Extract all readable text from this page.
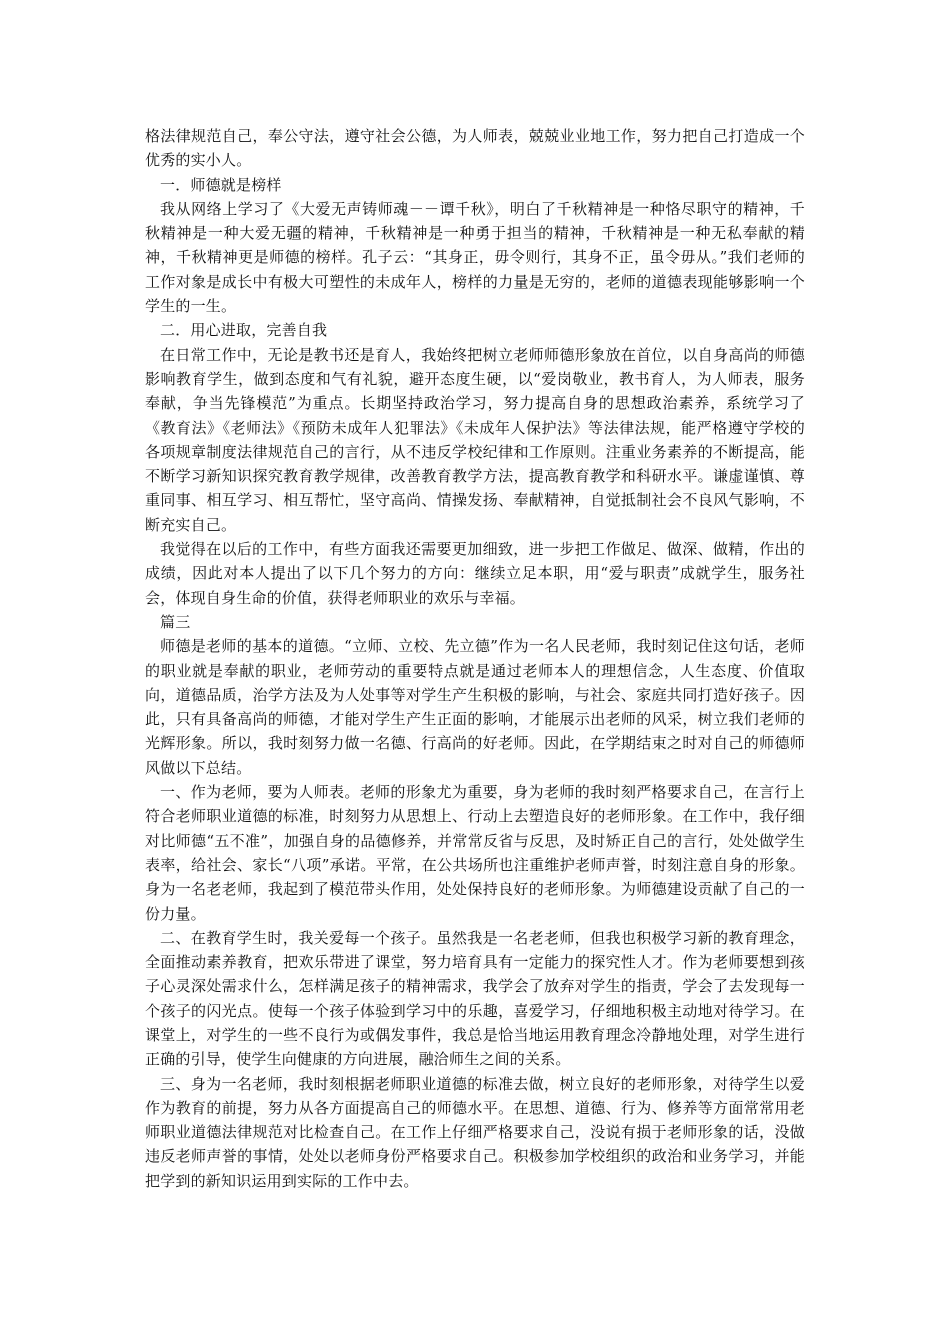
格法律规范自己，奉公守法，遵守社会公德，为人师表，兢兢业业地工作，努力把自己打造成一个优秀的实小人。

一．师德就是榜样

我从网络上学习了《大爱无声铸师魂－－谭千秋》，明白了千秋精神是一种恪尽职守的精神，千秋精神是一种大爱无疆的精神，千秋精神是一种勇于担当的精神，千秋精神是一种无私奉献的精神，千秋精神更是师德的榜样。孔子云：“其身正，毋令则行，其身不正，虽令毋从。”我们老师的工作对象是成长中有极大可塑性的未成年人，榜样的力量是无穷的，老师的道德表现能够影响一个学生的一生。

二．用心进取，完善自我

在日常工作中，无论是教书还是育人，我始终把树立老师师德形象放在首位，以自身高尚的师德影响教育学生，做到态度和气有礼貌，避开态度生硬，以“爱岗敬业，教书育人，为人师表，服务奉献，争当先锋模范”为重点。长期坚持政治学习，努力提高自身的思想政治素养，系统学习了《教育法》《老师法》《预防未成年人犯罪法》《未成年人保护法》等法律法规，能严格遵守学校的各项规章制度法律规范自己的言行，从不违反学校纪律和工作原则。注重业务素养的不断提高，能不断学习新知识探究教育教学规律，改善教育教学方法，提高教育教学和科研水平。谦虚谨慎、尊重同事、相互学习、相互帮忙，坚守高尚、情操发扬、奉献精神，自觉抵制社会不良风气影响，不断充实自己。

我觉得在以后的工作中，有些方面我还需要更加细致，进一步把工作做足、做深、做精，作出的成绩，因此对本人提出了以下几个努力的方向：继续立足本职，用“爱与职责”成就学生，服务社会，体现自身生命的价值，获得老师职业的欢乐与幸福。

篇三

师德是老师的基本的道德。“立师、立校、先立德”作为一名人民老师，我时刻记住这句话，老师的职业就是奉献的职业，老师劳动的重要特点就是通过老师本人的理想信念，人生态度、价值取向，道德品质，治学方法及为人处事等对学生产生积极的影响，与社会、家庭共同打造好孩子。因此，只有具备高尚的师德，才能对学生产生正面的影响，才能展示出老师的风采，树立我们老师的光辉形象。所以，我时刻努力做一名德、行高尚的好老师。因此，在学期结束之时对自己的师德师风做以下总结。

一、作为老师，要为人师表。老师的形象尤为重要，身为老师的我时刻严格要求自己，在言行上符合老师职业道德的标准，时刻努力从思想上、行动上去塑造良好的老师形象。在工作中，我仔细对比师德“五不准”，加强自身的品德修养，并常常反省与反思，及时矫正自己的言行，处处做学生表率，给社会、家长“八项”承诺。平常，在公共场所也注重维护老师声誉，时刻注意自身的形象。身为一名老老师，我起到了模范带头作用，处处保持良好的老师形象。为师德建设贡献了自己的一份力量。

二、在教育学生时，我关爱每一个孩子。虽然我是一名老老师，但我也积极学习新的教育理念，全面推动素养教育，把欢乐带进了课堂，努力培育具有一定能力的探究性人才。作为老师要想到孩子心灵深处需求什么，怎样满足孩子的精神需求，我学会了放弃对学生的指责，学会了去发现每一个孩子的闪光点。使每一个孩子体验到学习中的乐趣，喜爱学习，仔细地积极主动地对待学习。在课堂上，对学生的一些不良行为或偶发事件，我总是恰当地运用教育理念冷静地处理，对学生进行正确的引导，使学生向健康的方向进展，融洽师生之间的关系。

三、身为一名老师，我时刻根据老师职业道德的标准去做，树立良好的老师形象，对待学生以爱作为教育的前提，努力从各方面提高自己的师德水平。在思想、道德、行为、修养等方面常常用老师职业道德法律规范对比检查自己。在工作上仔细严格要求自己，没说有损于老师形象的话，没做违反老师声誉的事情，处处以老师身份严格要求自己。积极参加学校组织的政治和业务学习，并能把学到的新知识运用到实际的工作中去。
